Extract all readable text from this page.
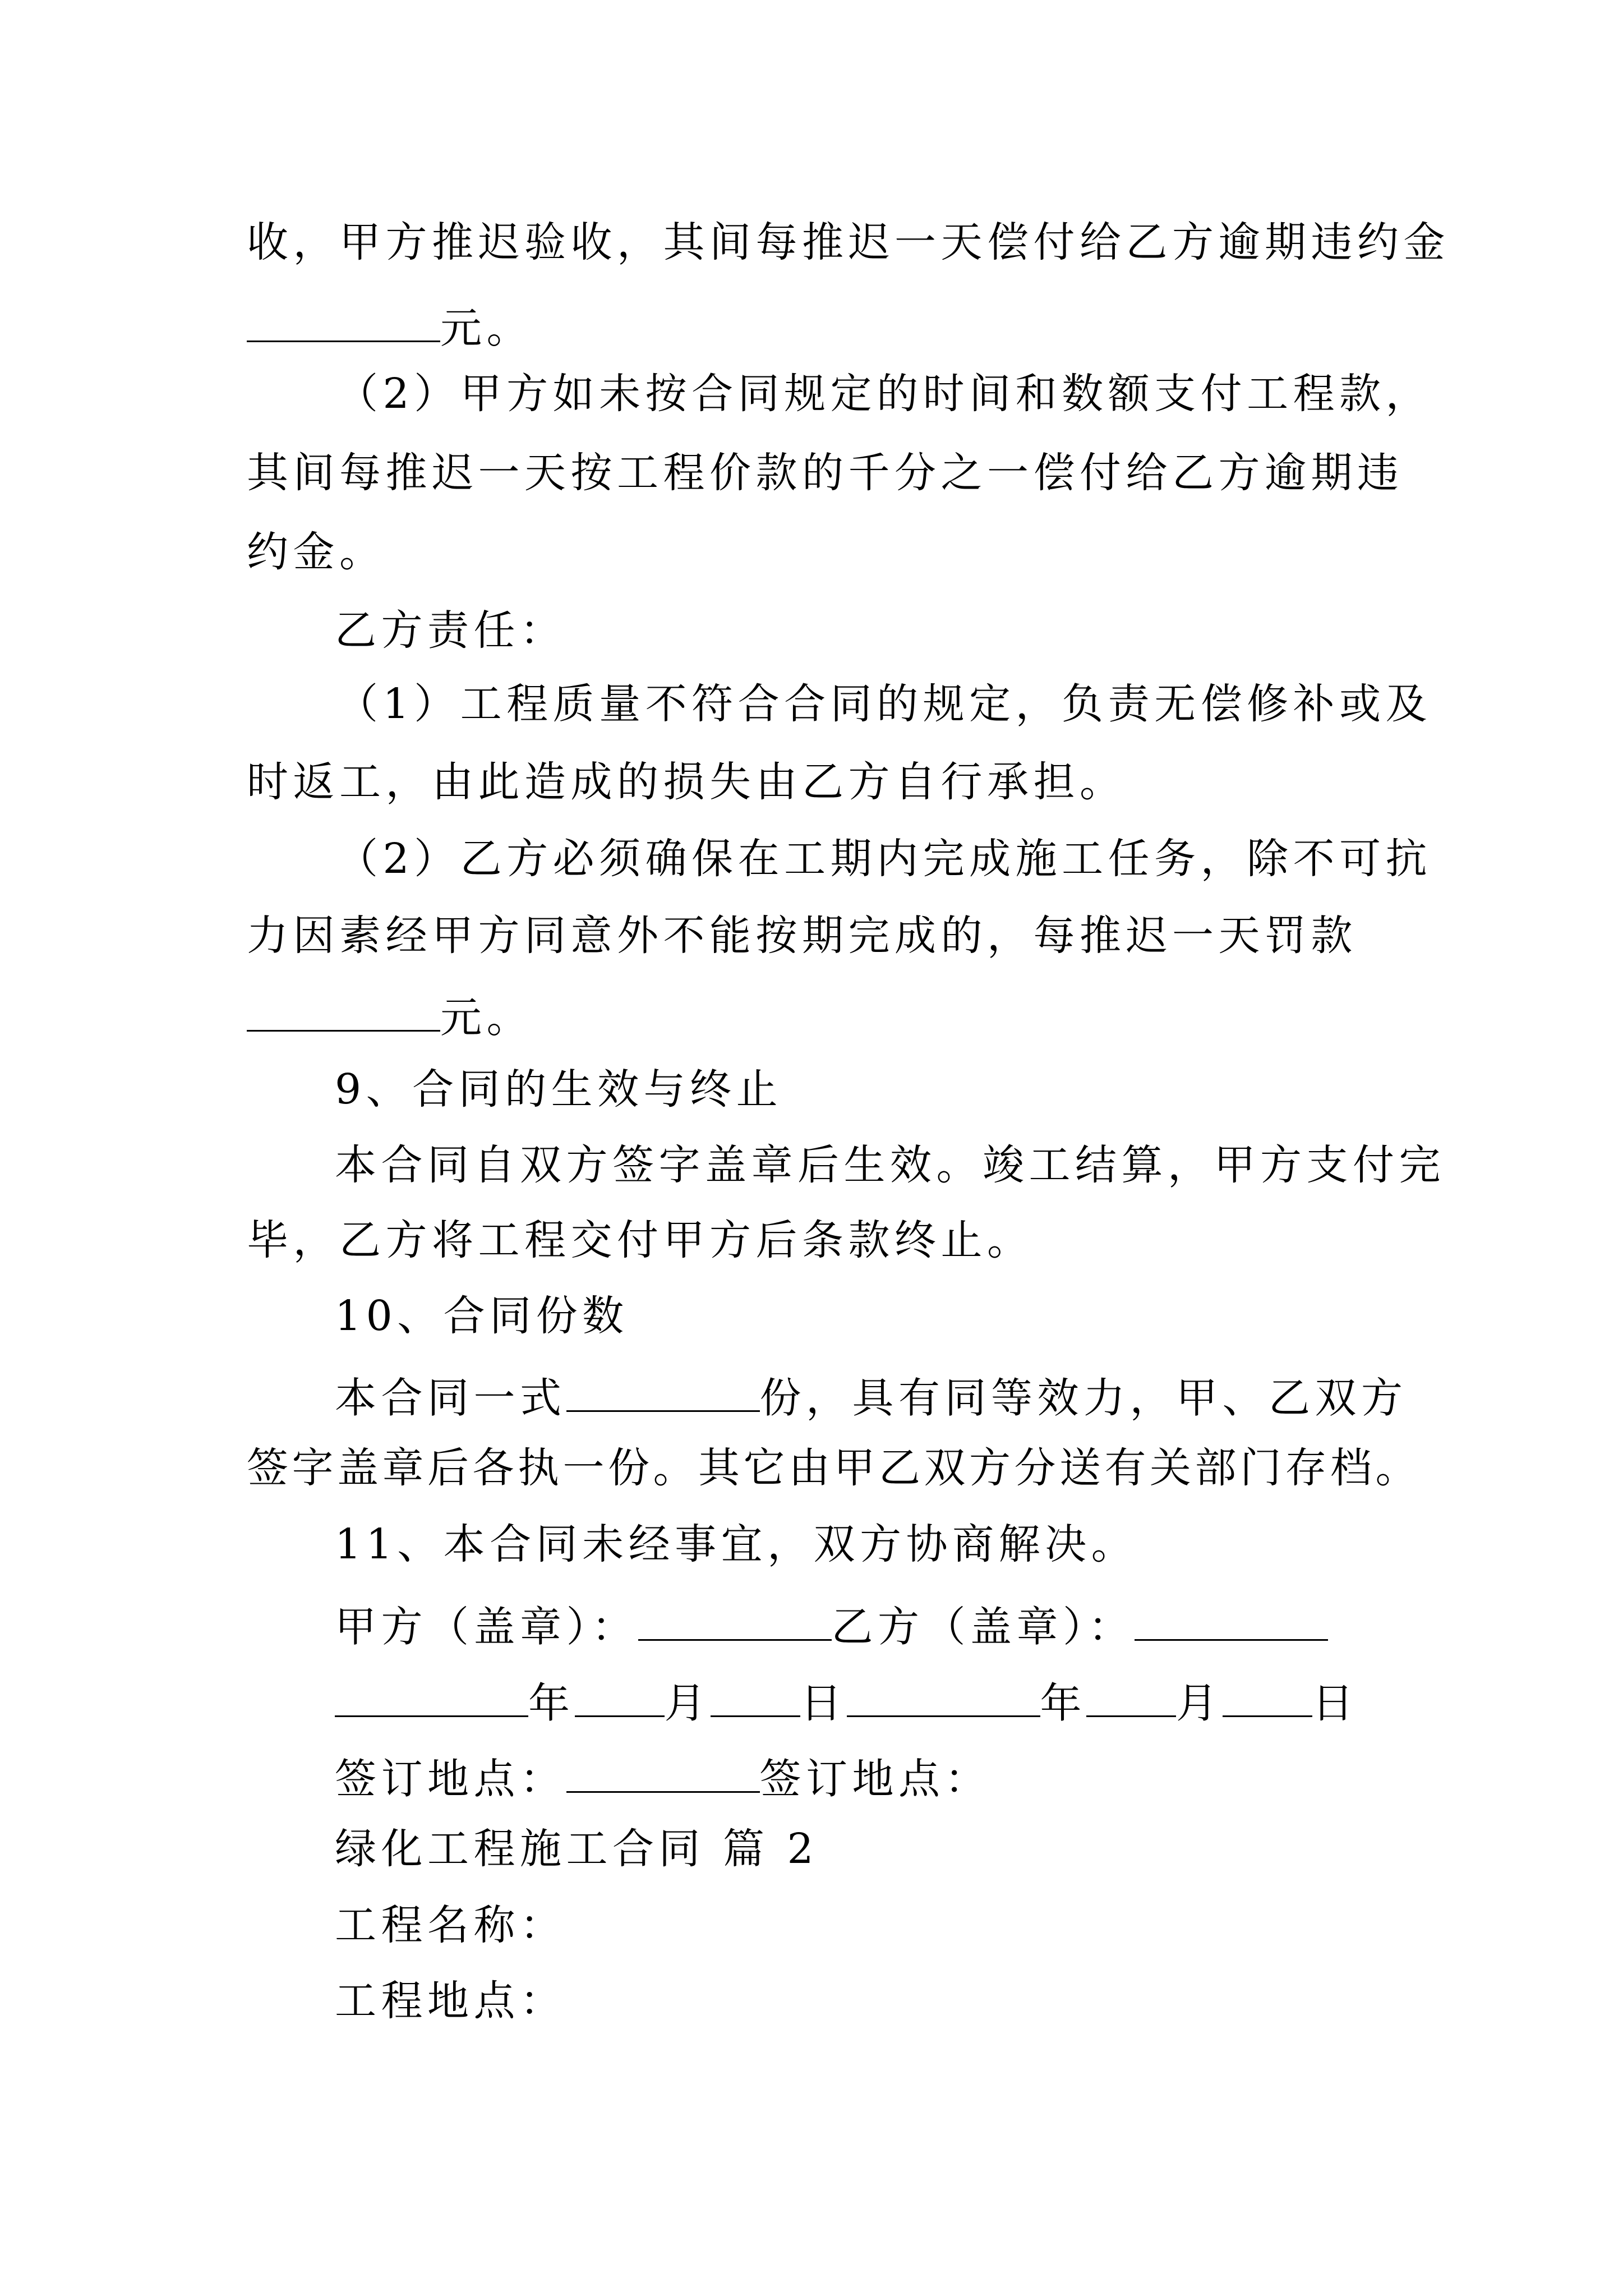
收，甲方推迟验收，其间每推迟一天偿付给乙方逾期违约金
元。
（2）甲方如未按合同规定的时间和数额支付工程款，
其间每推迟一天按工程价款的千分之一偿付给乙方逾期违
约金。
乙方责任：
（1）工程质量不符合合同的规定，负责无偿修补或及
时返工，由此造成的损失由乙方自行承担。
（2）乙方必须确保在工期内完成施工任务，除不可抗
力因素经甲方同意外不能按期完成的，每推迟一天罚款
元。
9、合同的生效与终止
本合同自双方签字盖章后生效。竣工结算，甲方支付完
毕，乙方将工程交付甲方后条款终止。
10、合同份数
本合同一式	份，具有同等效力，甲、乙双方
签字盖章后各执一份。其它由甲乙双方分送有关部门存档。
11、本合同未经事宜，双方协商解决。
甲方（盖章）：	乙方（盖章）：
年 月 日	年 月 日
签订地点：	签订地点：
绿化工程施工合同 篇 2
工程名称：
工程地点：
